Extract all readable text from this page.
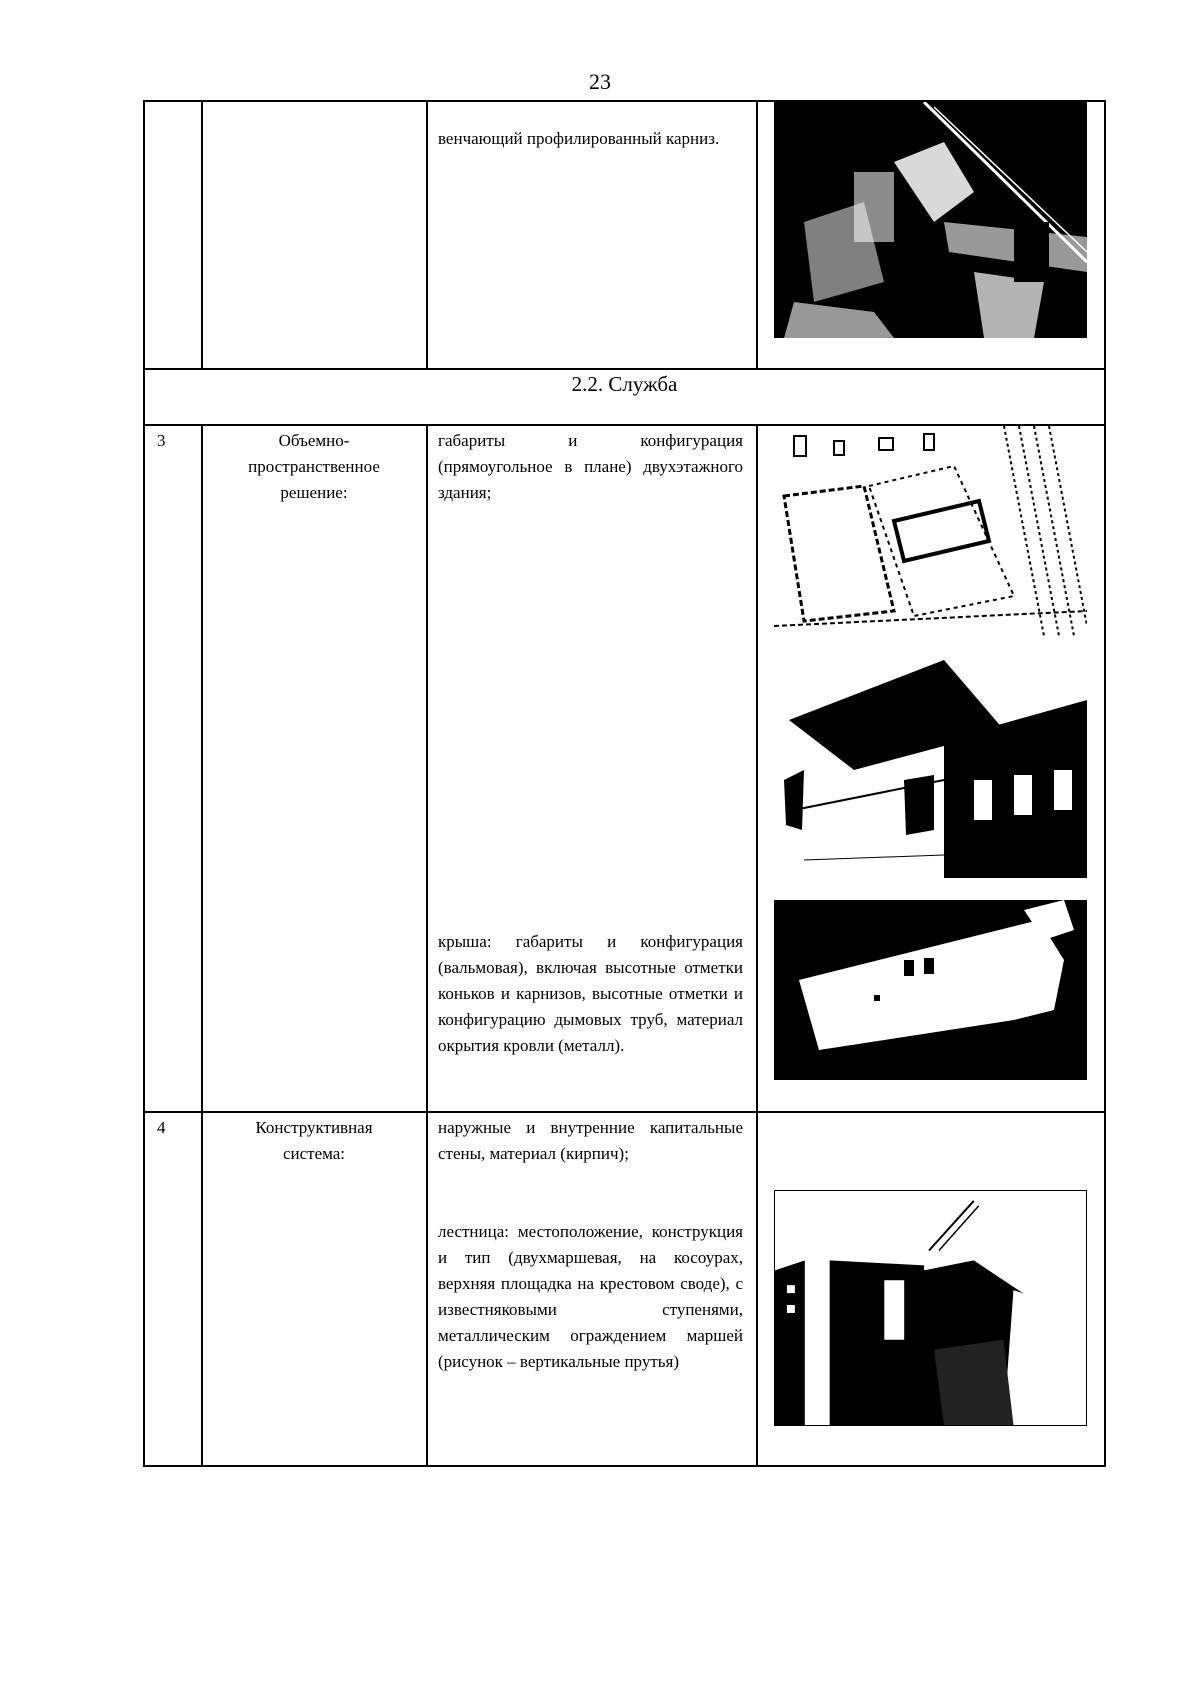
23
венчающий профилированный карниз.
2.2. Служба
3	Объемно-
пространственное
решение:
габариты и конфигурация (прямоугольное в плане) двухэтажного здания;
крыша: габариты и конфигурация (вальмовая), включая высотные отметки коньков и карнизов, высотные отметки и конфигурацию дымовых труб, материал окрытия кровли (металл).
4	Конструктивная
система:
наружные и внутренние капитальные стены, материал (кирпич);
лестница: местоположение, конструкция и тип (двухмаршевая, на косоурах, верхняя площадка на крестовом своде), с известняковыми ступенями, металлическим ограждением маршей (рисунок – вертикальные прутья)
